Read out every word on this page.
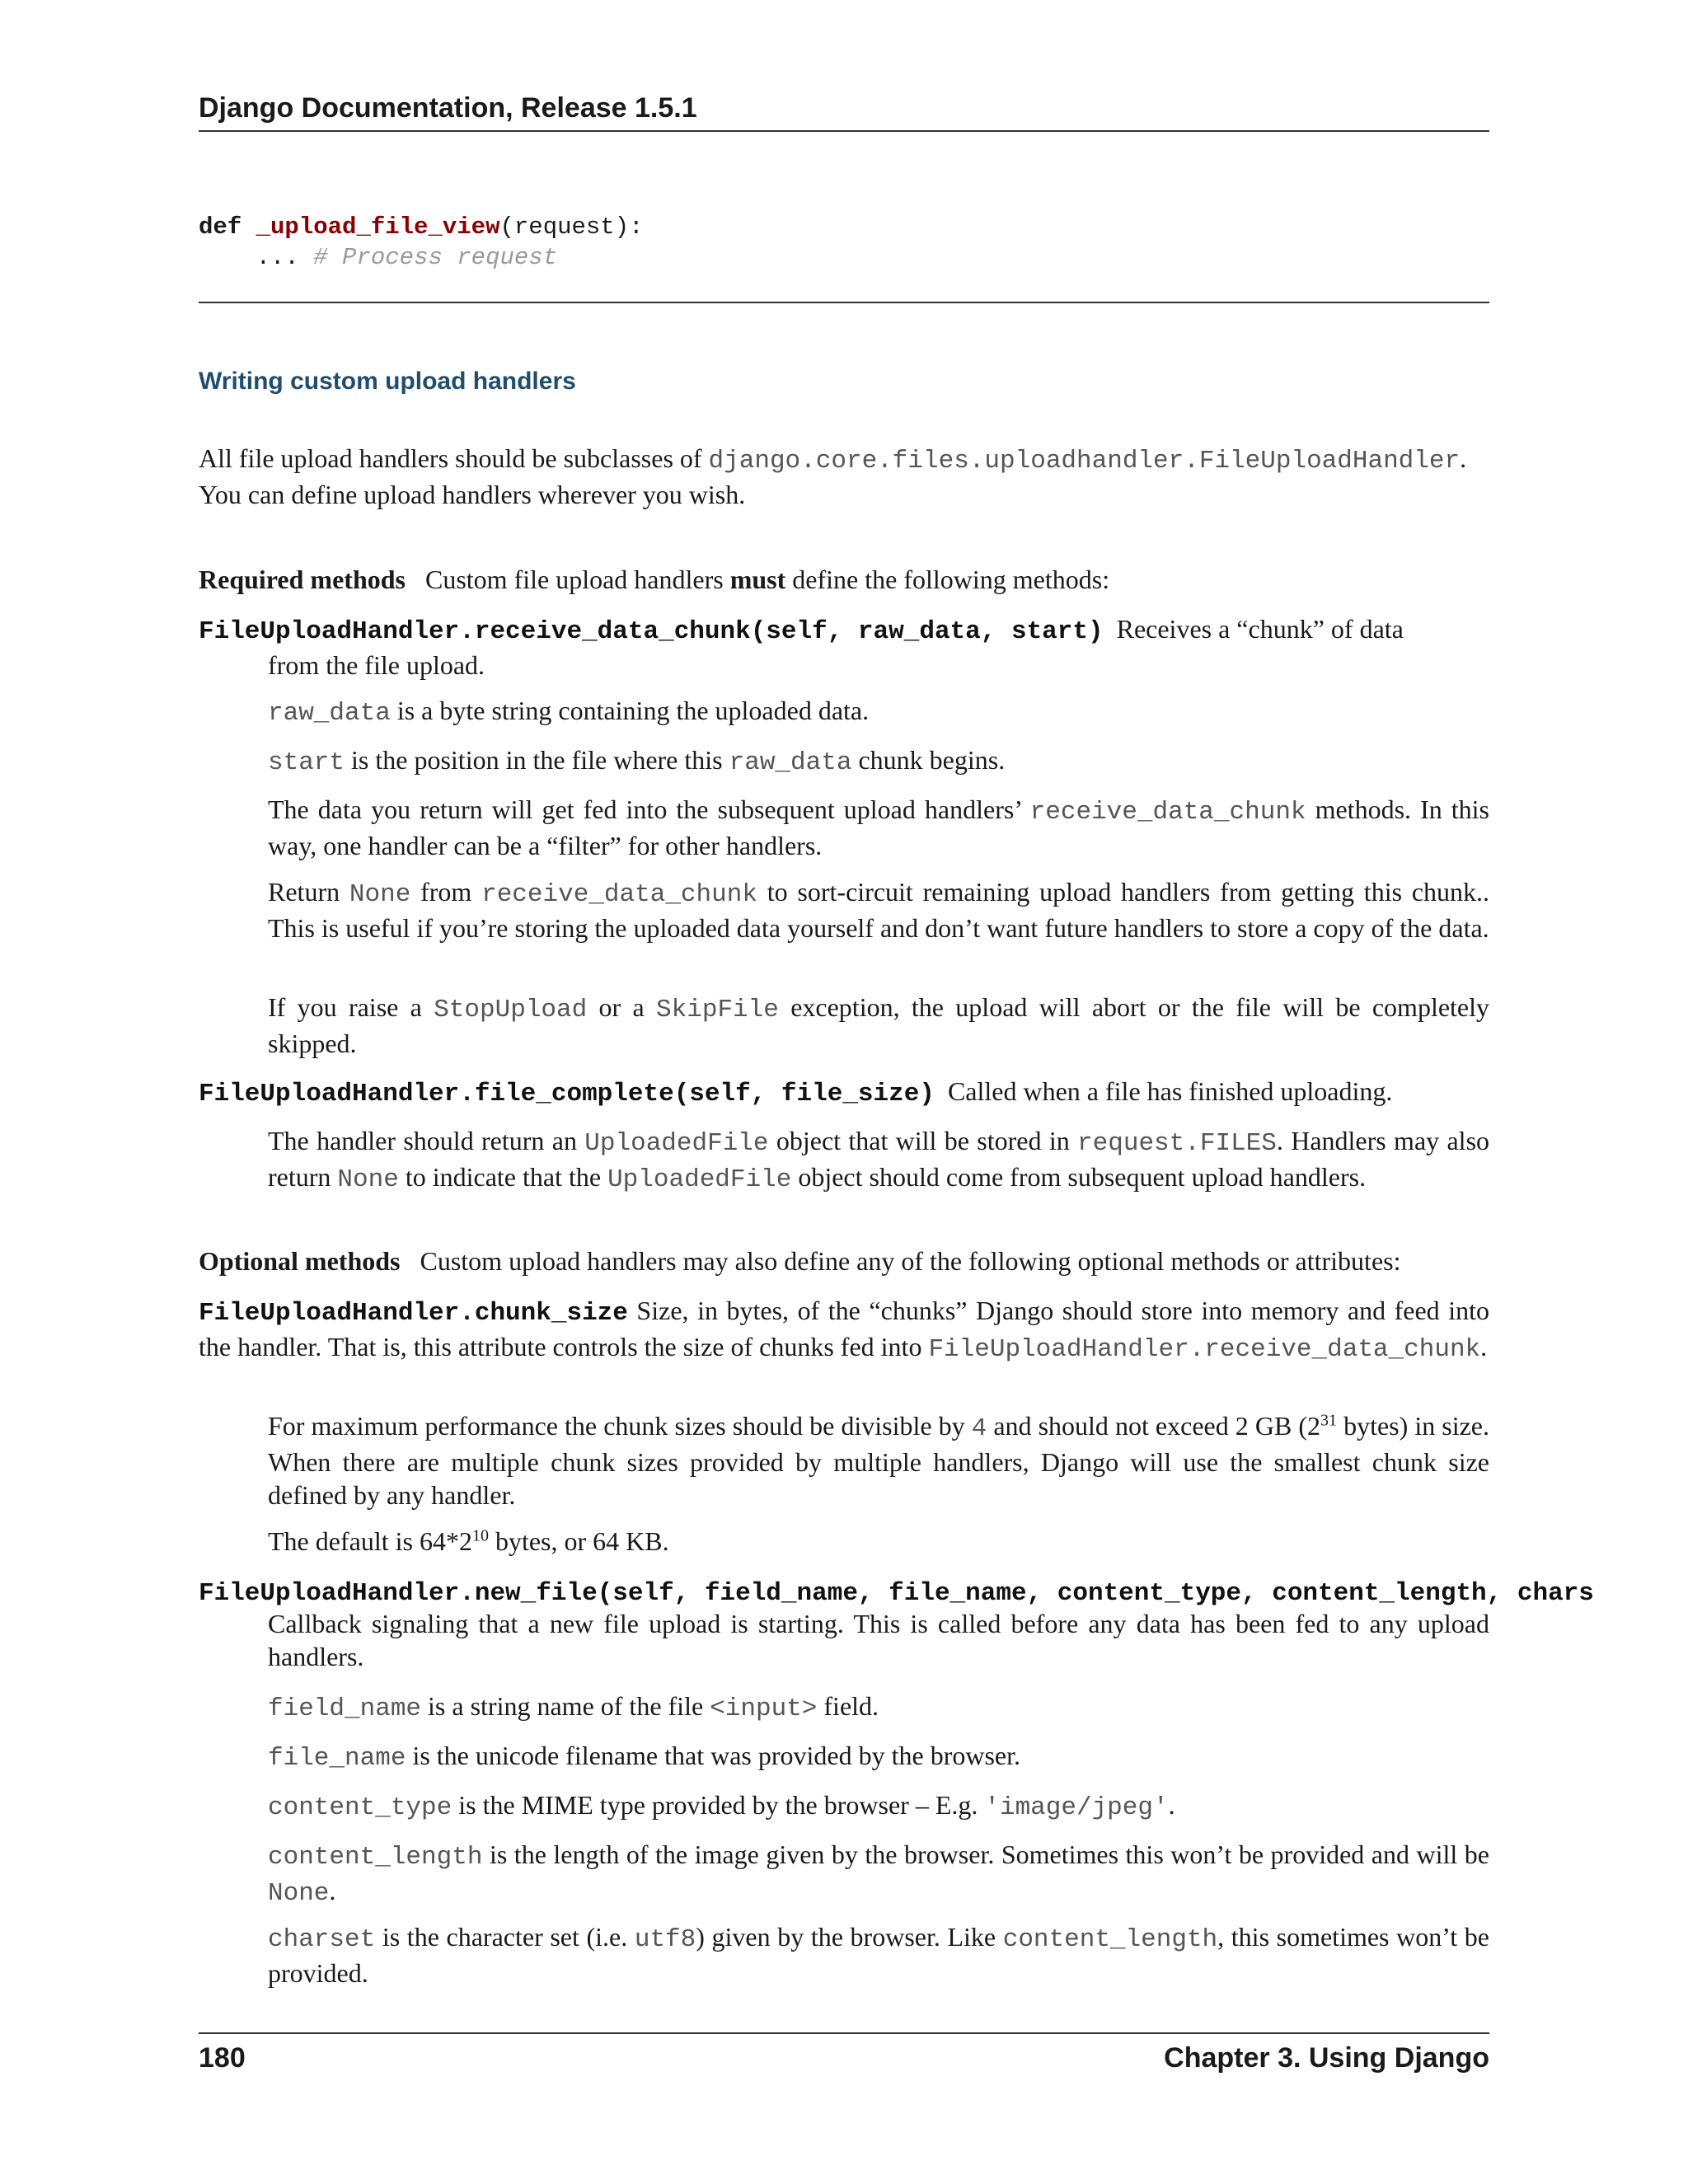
Django Documentation, Release 1.5.1
def _upload_file_view(request):
... # Process request
Writing custom upload handlers
All file upload handlers should be subclasses of django.core.files.uploadhandler.FileUploadHandler.
You can define upload handlers wherever you wish.
Required methods Custom file upload handlers must define the following methods:
FileUploadHandler.receive_data_chunk(self, raw_data, start) Receives a “chunk” of data
from the file upload.
raw_data is a byte string containing the uploaded data.
start is the position in the file where this raw_data chunk begins.
The data you return will get fed into the subsequent upload handlers’ receive_data_chunk methods. In this way, one handler can be a “filter” for other handlers.
Return None from receive_data_chunk to sort-circuit remaining upload handlers from getting this chunk.. This is useful if you’re storing the uploaded data yourself and don’t want future handlers to store a copy of the data.
If you raise a StopUpload or a SkipFile exception, the upload will abort or the file will be completely skipped.
FileUploadHandler.file_complete(self, file_size) Called when a file has finished uploading.
The handler should return an UploadedFile object that will be stored in request.FILES. Handlers may also return None to indicate that the UploadedFile object should come from subsequent upload handlers.
Optional methods Custom upload handlers may also define any of the following optional methods or attributes:
FileUploadHandler.chunk_size Size, in bytes, of the “chunks” Django should store into memory and feed into the handler. That is, this attribute controls the size of chunks fed into FileUploadHandler.receive_data_chunk.
For maximum performance the chunk sizes should be divisible by 4 and should not exceed 2 GB ($2^{31}$ bytes) in size. When there are multiple chunk sizes provided by multiple handlers, Django will use the smallest chunk size defined by any handler.
The default is $64*2^{10}$ bytes, or 64 KB.
FileUploadHandler.new_file(self, field_name, file_name, content_type, content_length, chars
Callback signaling that a new file upload is starting. This is called before any data has been fed to any upload handlers.
field_name is a string name of the file <input> field.
file_name is the unicode filename that was provided by the browser.
content_type is the MIME type provided by the browser – E.g. 'image/jpeg'.
content_length is the length of the image given by the browser. Sometimes this won’t be provided and will be None.
charset is the character set (i.e. utf8) given by the browser. Like content_length, this sometimes won’t be provided.
180	Chapter 3. Using Django
